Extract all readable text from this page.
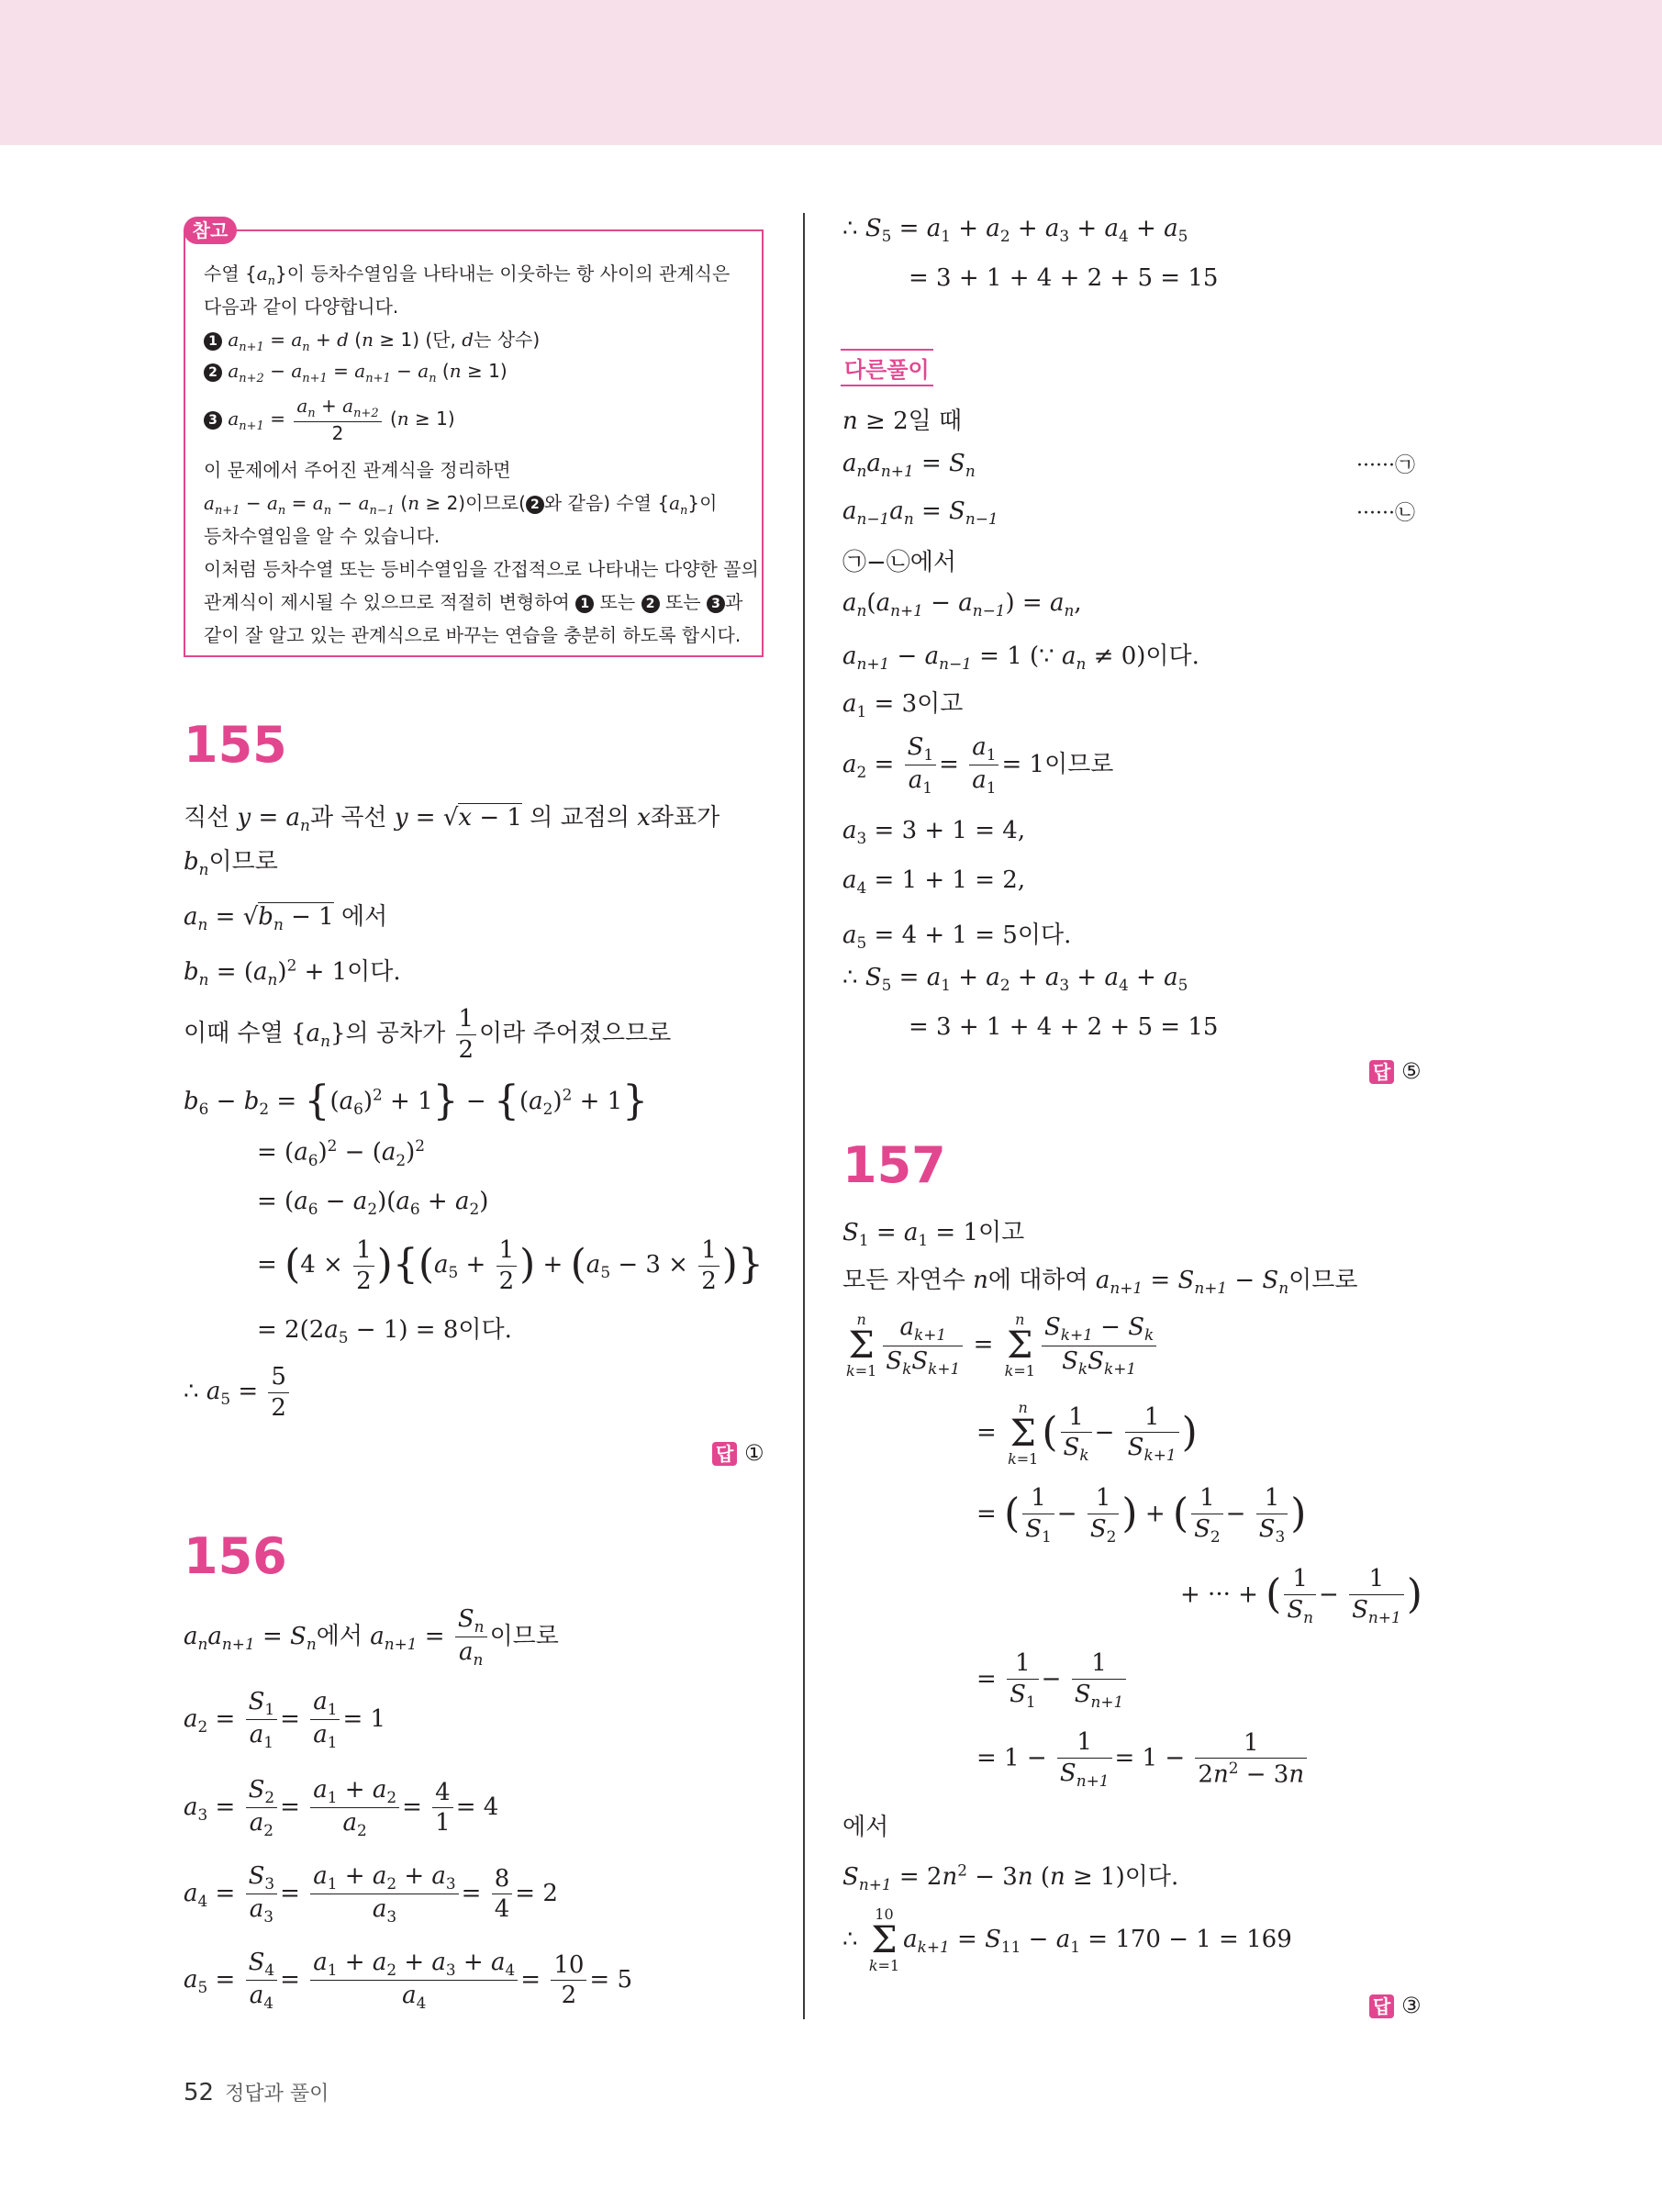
참고
수열 $\{a_n\}$이 등차수열임을 나타내는 이웃하는 항 사이의 관계식은
다음과 같이 다양합니다.
1 $a_{n+1} = a_n + d$ (n ≥ 1) (단, d는 상수)
2 $a_{n+2} - a_{n+1} = a_{n+1} - a_n$ (n ≥ 1)
3 $a_{n+1} = \frac{a_n + a_{n+2}}{2} (n \ge 1)$
이 문제에서 주어진 관계식을 정리하면
$a_{n+1} - a_n = a_n - a_{n-1}$ (n ≥ 2)이므로( 2 와 같음) 수열 $\{a_n\}$이
등차수열임을 알 수 있습니다.
이처럼 등차수열 또는 등비수열임을 간접적으로 나타내는 다양한 꼴의
관계식이 제시될 수 있으므로 적절히 변형하여 1 또는 2 또는 3 과
같이 잘 알고 있는 관계식으로 바꾸는 연습을 충분히 하도록 합시다.
155
직선 $y = a_n$과 곡선 y = √x − 1 의 교점의 x좌표가
$b_n$이므로
$a_n = √b_n - 1$ 에서
$b_n = (a_n)^2 + 1$이다.
이때 수열 $\{a_n\}$의 공차가 $\frac{1}{2}$ 이라 주어졌으므로
$b_6 - b_2 = \{(a_6)^2 + 1\} - \{(a_2)^2 + 1\}$
= $(a_6)^2 - (a_2)^2$
= $(a_6 - a_2)(a_6 + a_2)$
= $(4 \times \frac{1}{2} )\{(a_5 + \frac{1}{2}$ ) + ($a_5 - 3 \times \frac{1}{2}$ )}
= $2(2a_5 - 1) = 8$이다.
∴ $a_5 = \frac{5}{2}$
답 ①
156
$a_na_{n+1} = S_n$에서 $a_{n+1} = \frac{S_n}{a_n}$ 이므로
$a_2 = \frac{S_1}{a_1} = \frac{a_1}{a_1} = 1$
$a_3 = \frac{S_2}{a_2} = \frac{a_1 + a_2}{a_2} = \frac{4}{1} = 4$
$a_4 = \frac{S_3}{a_3} = \frac{a_1 + a_2 + a_3}{a_3} = \frac{8}{4} = 2$
$a_5 = \frac{S_4}{a_4} = \frac{a_1 + a_2 + a_3 + a_4}{a_4} = \frac{10}{2} = 5$
∴ $S_5 = a_1 + a_2 + a_3 + a_4 + a_5$
= 3 + 1 + 4 + 2 + 5 = 15
다른풀이
n ≥ 2일 때
$a_na_{n+1} = S_n$	······㉠
$a_{n-1}a_n = S_{n-1}$	······㉡
㉠−㉡에서
$a_n(a_{n+1} - a_{n-1}) = a_n$,
$a_{n+1} - a_{n-1} = 1$ (∵ $a_n \ne 0$)이다.
$a_1 = 3$이고
$a_2 = \frac{S_1}{a_1} = \frac{a_1}{a_1} = 1$이므로
$a_3 = 3 + 1 = 4$,
$a_4 = 1 + 1 = 2$,
$a_5 = 4 + 1 = 5$이다.
∴ $S_5 = a_1 + a_2 + a_3 + a_4 + a_5$
= 3 + 1 + 4 + 2 + 5 = 15
답 ⑤
157
$S_1 = a_1 = 1$이고
모든 자연수 n에 대하여 $a_{n+1} = S_{n+1} - S_n$이므로
n
Σ
$k=1 \frac{a_{k+1}}{S_kS_{k+1}} = n$
Σ
$k=1 \frac{S_{k+1} - S_k}{S_kS_{k+1}}$
= n
Σ
$k=1( \frac{1}{S_k} - \frac{1}{S_{k+1}}$ )
= ( $\frac{1}{S_1} - \frac{1}{S_2}$ ) + ( $\frac{1}{S_2} - \frac{1}{S_3}$ )
+ ··· + ( $\frac{1}{S_n} - \frac{1}{S_{n+1}}$ )
= $\frac{1}{S_1} - \frac{1}{S_{n+1}}$
= $1 - \frac{1}{S_{n+1}} = 1 - \frac{1}{2n^2 - 3n}$
에서
$S_{n+1} = 2n^2 - 3n$ (n ≥ 1)이다.
∴ 10
Σ
$k=1a_{k+1} = S_{11} - a_1 = 170 - 1 = 169$
답 ③
52 정답과 풀이
